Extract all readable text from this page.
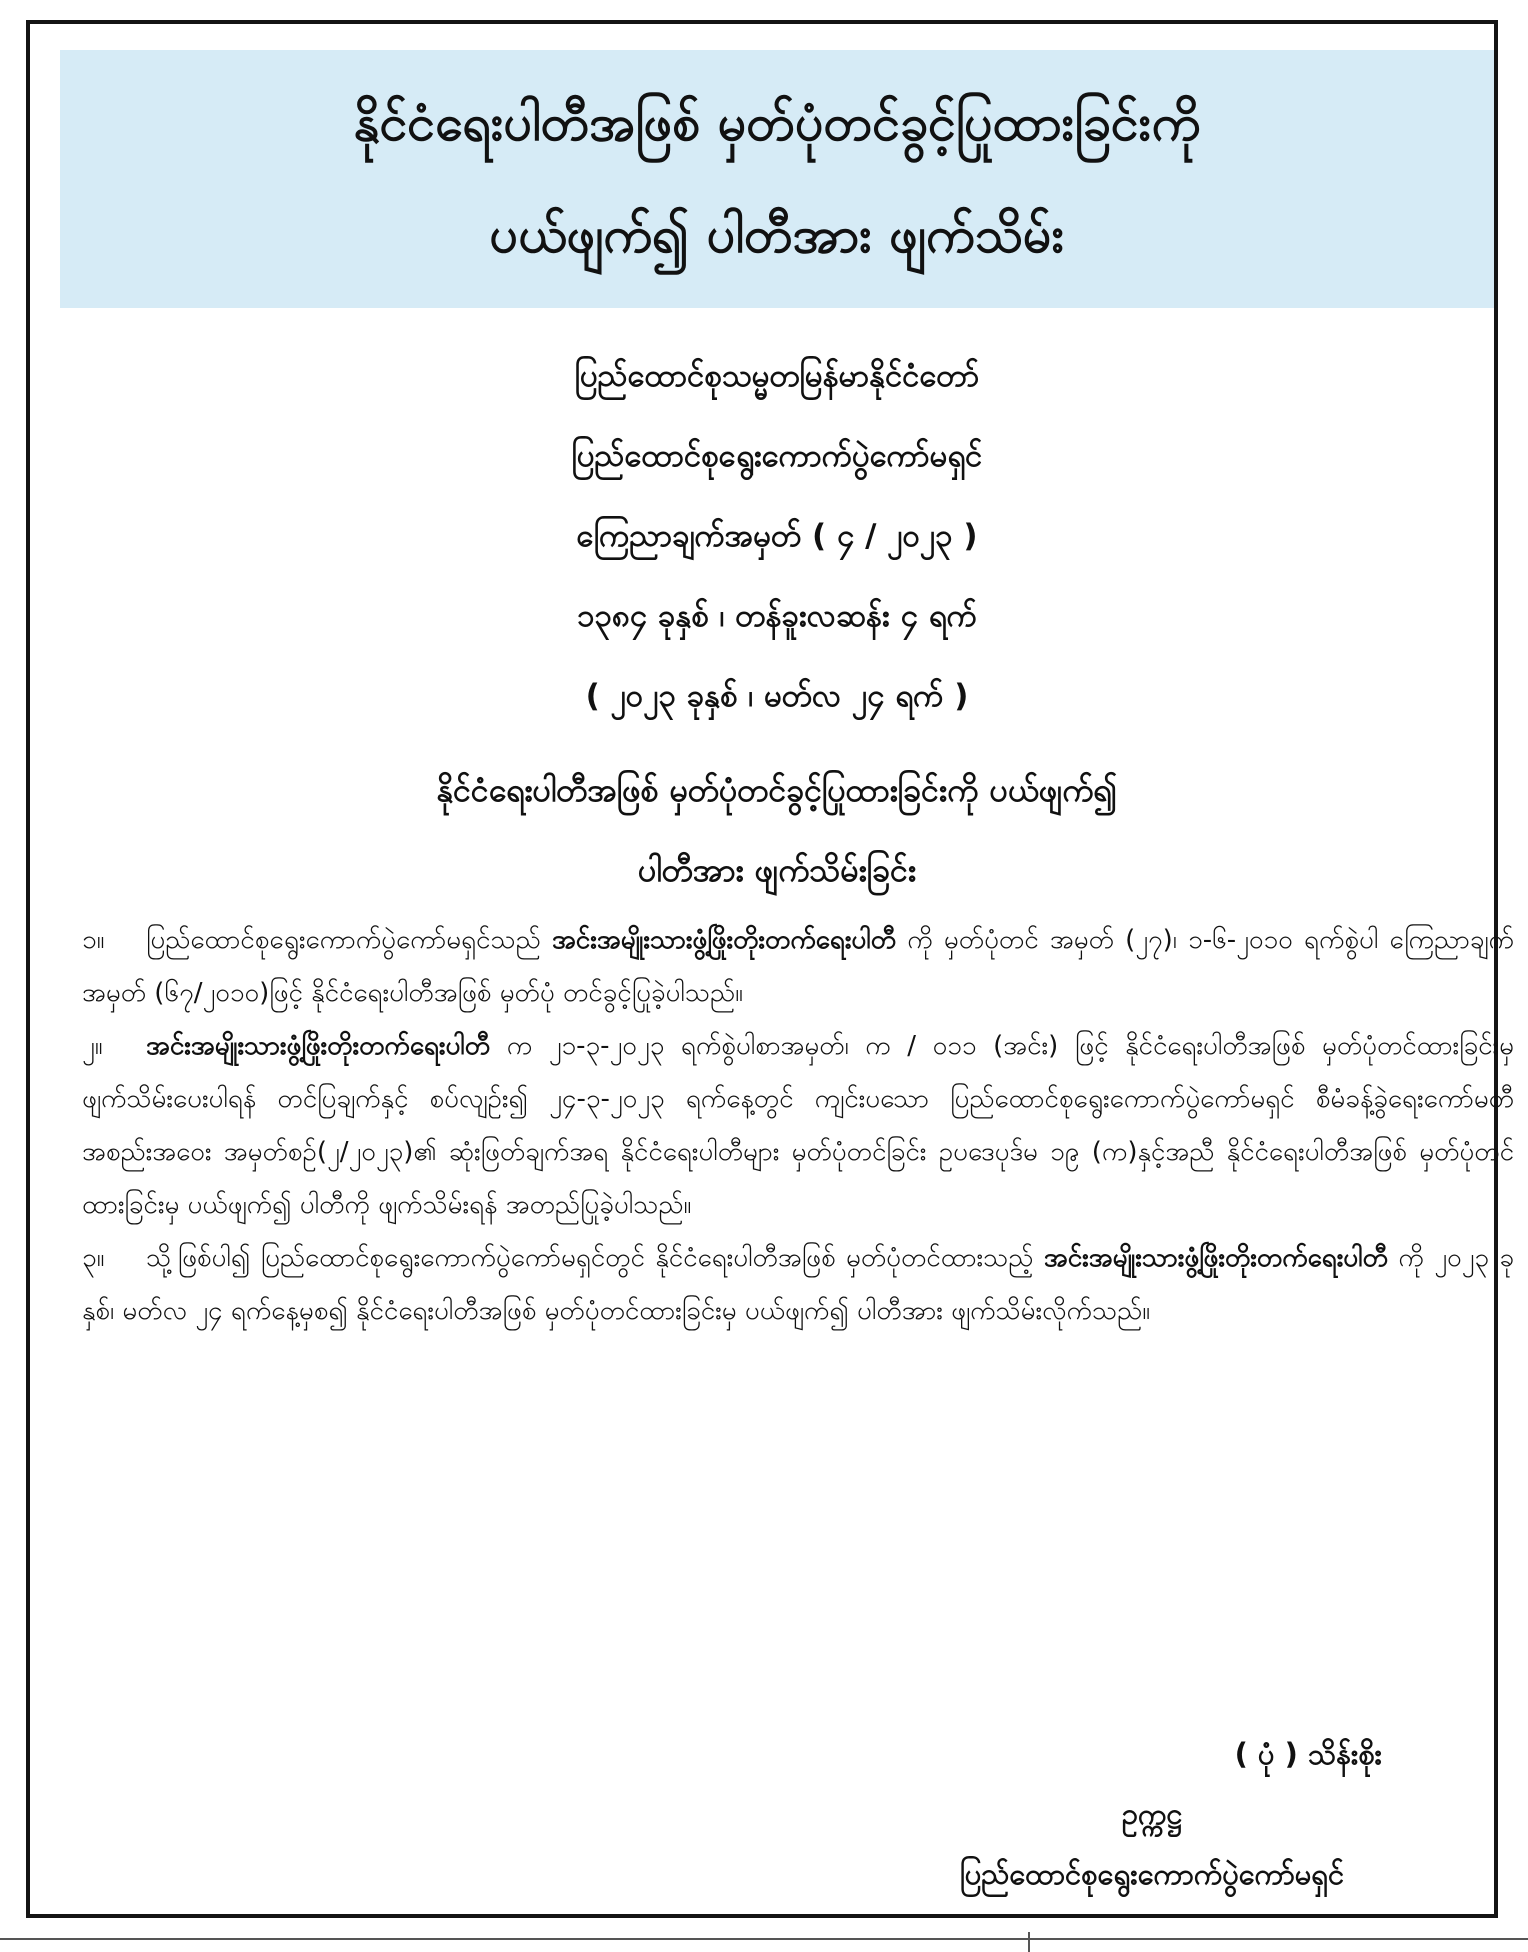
နိုင်ငံရေးပါတီအဖြစ် မှတ်ပုံတင်ခွင့်ပြုထားခြင်းကို
ပယ်ဖျက်၍ ပါတီအား ဖျက်သိမ်း
ပြည်ထောင်စုသမ္မတမြန်မာနိုင်ငံတော်
ပြည်ထောင်စုရွေးကောက်ပွဲကော်မရှင်
ကြေညာချက်အမှတ် ( ၄ / ၂၀၂၃ )
၁၃၈၄ ခုနှစ် ၊ တန်ခူးလဆန်း ၄ ရက်
( ၂၀၂၃ ခုနှစ် ၊ မတ်လ ၂၄ ရက် )
နိုင်ငံရေးပါတီအဖြစ် မှတ်ပုံတင်ခွင့်ပြုထားခြင်းကို ပယ်ဖျက်၍
ပါတီအား ဖျက်သိမ်းခြင်း

၁။ ပြည်ထောင်စုရွေးကောက်ပွဲကော်မရှင်သည် အင်းအမျိုးသားဖွံ့ဖြိုးတိုးတက်ရေးပါတီ ကို မှတ်ပုံတင် အမှတ် (၂၇)၊ ၁-၆-၂၀၁၀ ရက်စွဲပါ ကြေညာချက်အမှတ် (၆၇/၂၀၁၀)ဖြင့် နိုင်ငံရေးပါတီအဖြစ် မှတ်ပုံ တင်ခွင့်ပြုခဲ့ပါသည်။

၂။ အင်းအမျိုးသားဖွံ့ဖြိုးတိုးတက်ရေးပါတီ က ၂၁-၃-၂၀၂၃ ရက်စွဲပါစာအမှတ်၊ က / ၀၁၁ (အင်း) ဖြင့် နိုင်ငံရေးပါတီအဖြစ် မှတ်ပုံတင်ထားခြင်းမှ ဖျက်သိမ်းပေးပါရန် တင်ပြချက်နှင့် စပ်လျဉ်း၍ ၂၄-၃-၂၀၂၃ ရက်နေ့တွင် ကျင်းပသော ပြည်ထောင်စုရွေးကောက်ပွဲကော်မရှင် စီမံခန့်ခွဲရေးကော်မတီ အစည်းအဝေး အမှတ်စဉ်(၂/၂၀၂၃)၏ ဆုံးဖြတ်ချက်အရ နိုင်ငံရေးပါတီများ မှတ်ပုံတင်ခြင်း ဥပဒေပုဒ်မ ၁၉ (က)နှင့်အညီ နိုင်ငံရေးပါတီအဖြစ် မှတ်ပုံတင်ထားခြင်းမှ ပယ်ဖျက်၍ ပါတီကို ဖျက်သိမ်းရန် အတည်ပြုခဲ့ပါသည်။

၃။ သို့ဖြစ်ပါ၍ ပြည်ထောင်စုရွေးကောက်ပွဲကော်မရှင်တွင် နိုင်ငံရေးပါတီအဖြစ် မှတ်ပုံတင်ထားသည့် အင်းအမျိုးသားဖွံ့ဖြိုးတိုးတက်ရေးပါတီ ကို ၂၀၂၃ ခုနှစ်၊ မတ်လ ၂၄ ရက်နေ့မှစ၍ နိုင်ငံရေးပါတီအဖြစ် မှတ်ပုံတင်ထားခြင်းမှ ပယ်ဖျက်၍ ပါတီအား ဖျက်သိမ်းလိုက်သည်။

( ပုံ ) သိန်းစိုး
ဥက္ကဋ္ဌ
ပြည်ထောင်စုရွေးကောက်ပွဲကော်မရှင်
